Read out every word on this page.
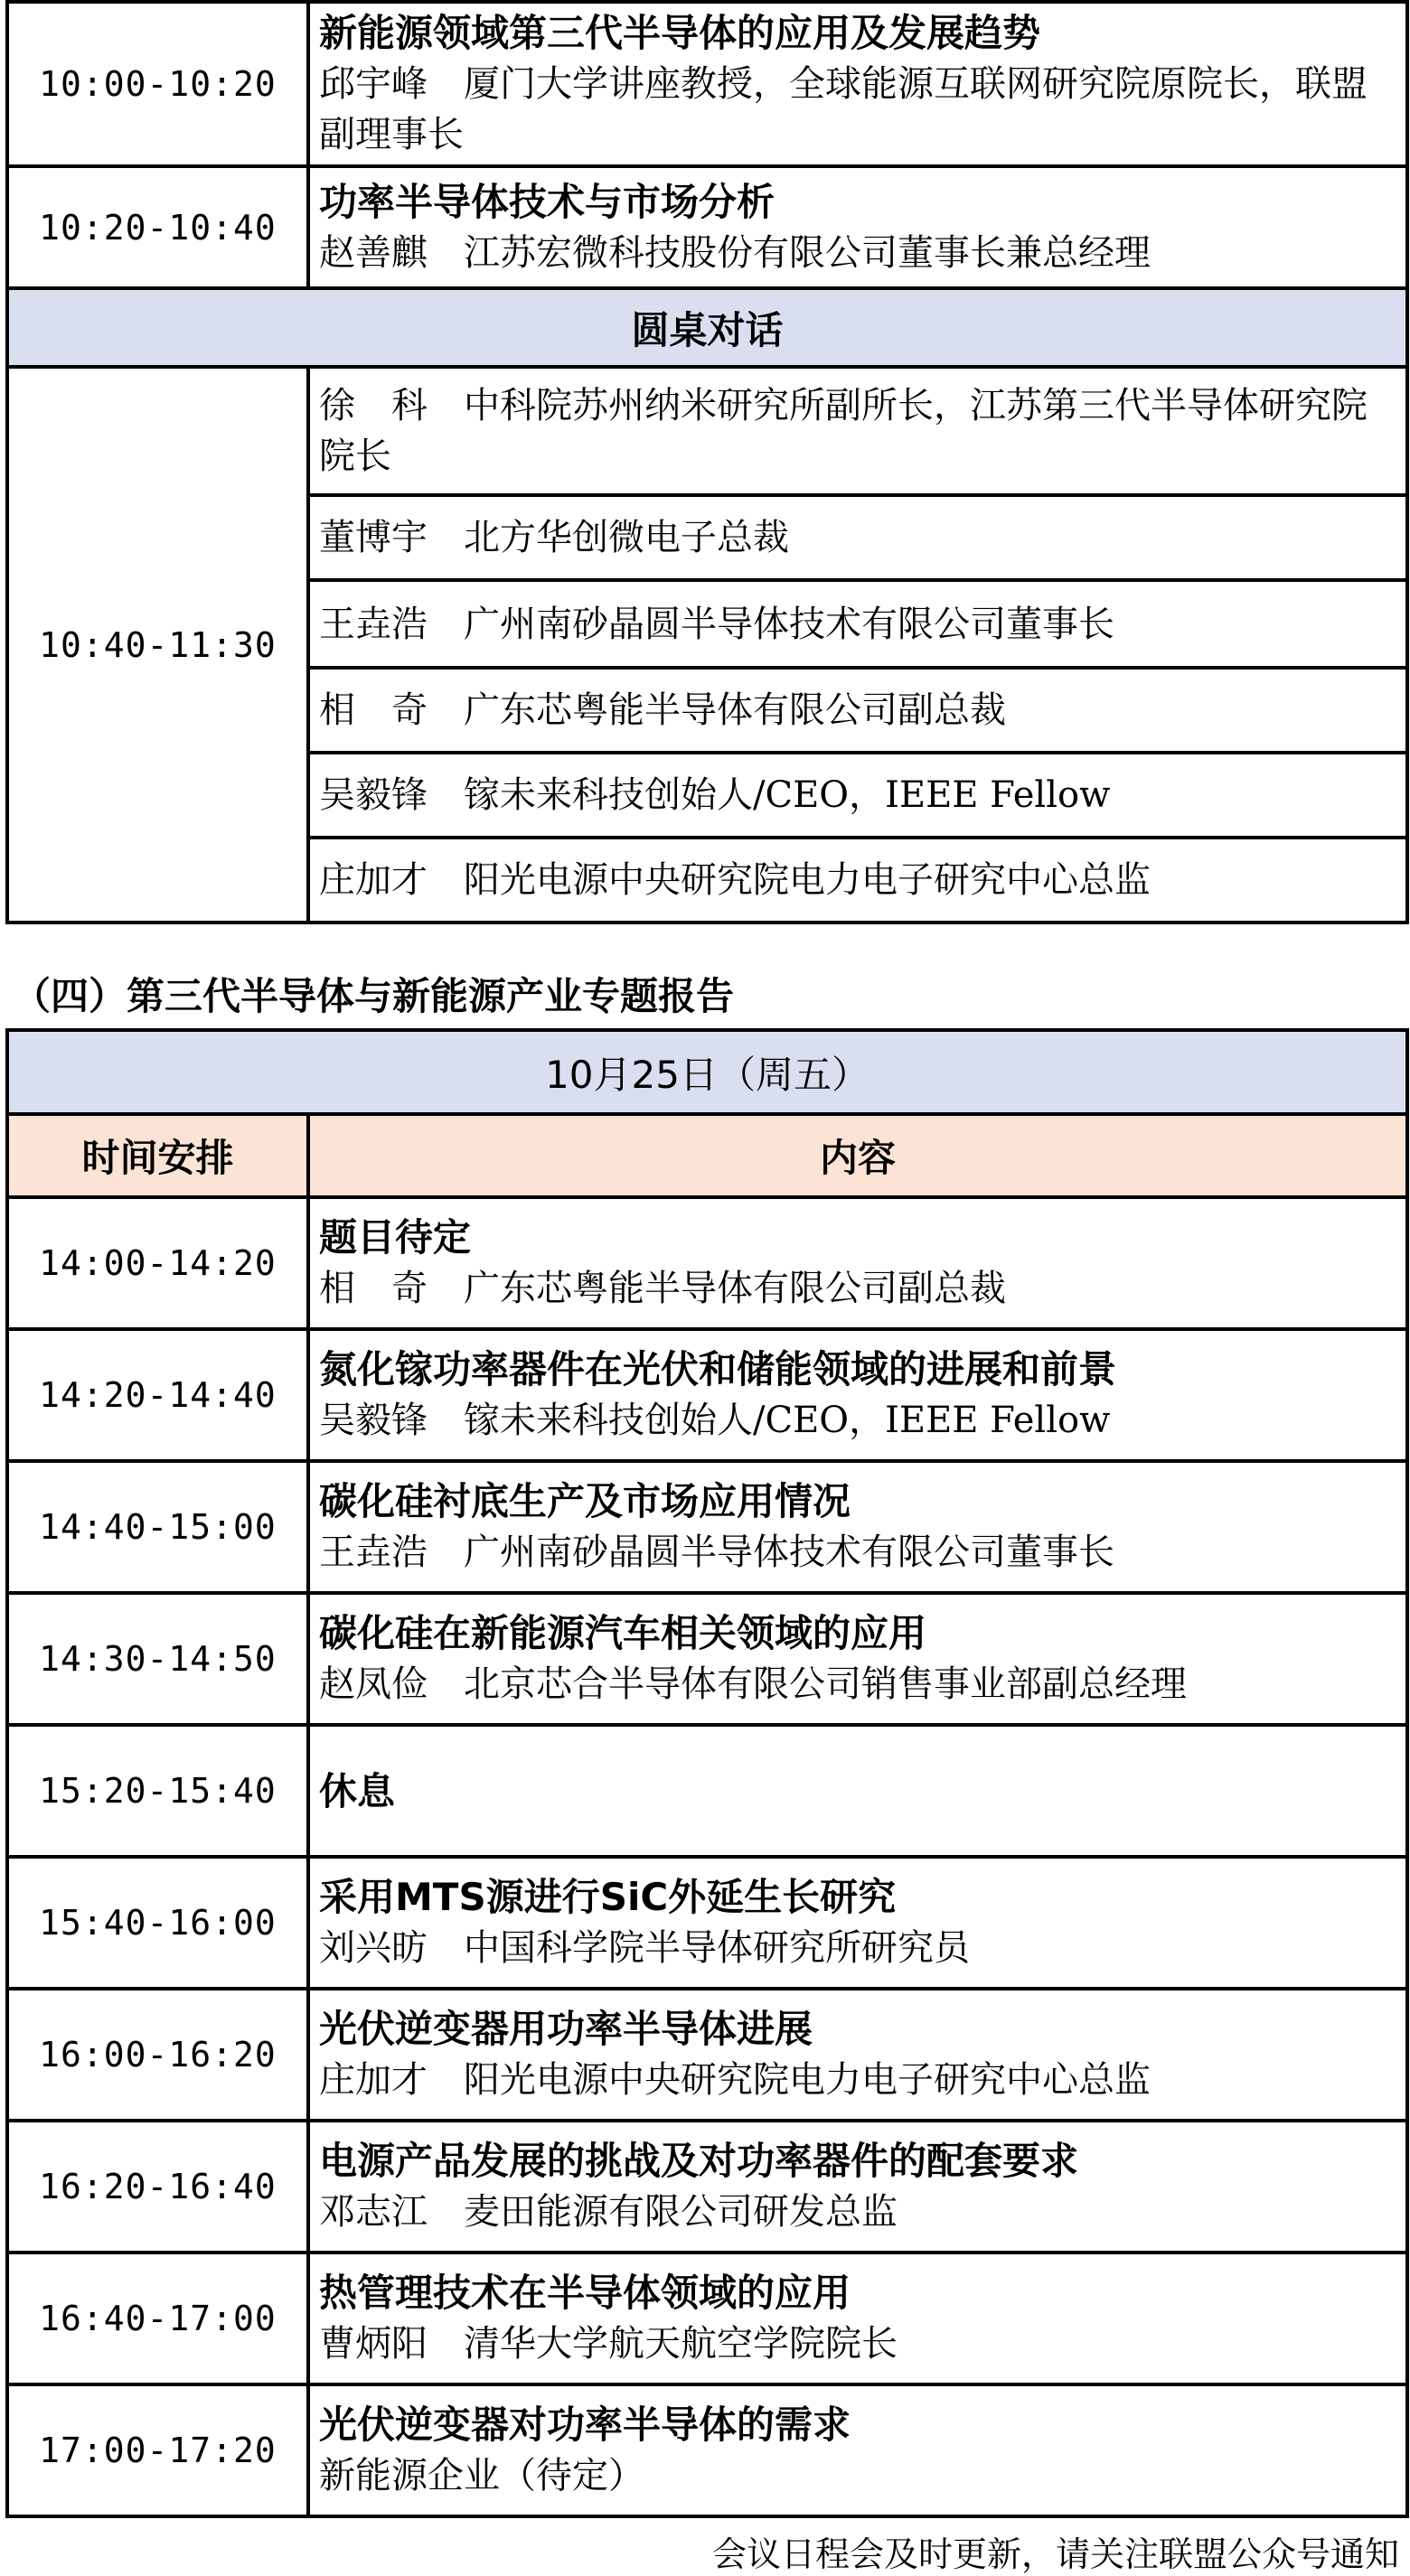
10:00-10:20	新能源领域第三代半导体的应用及发展趋势
邱宇峰　厦门大学讲座教授，全球能源互联网研究院原院长，联盟副理事长

10:20-10:40	功率半导体技术与市场分析
赵善麒　江苏宏微科技股份有限公司董事长兼总经理

圆桌对话	
10:40-11:30	徐　科　中科院苏州纳米研究所副所长，江苏第三代半导体研究院院长
	董博宇　北方华创微电子总裁
	王垚浩　广州南砂晶圆半导体技术有限公司董事长
	相　奇　广东芯粤能半导体有限公司副总裁
	吴毅锋　镓未来科技创始人/CEO，IEEE Fellow
	庄加才　阳光电源中央研究院电力电子研究中心总监
（四）第三代半导体与新能源产业专题报告
10月25日（周五）	
时间安排	内容
14:00-14:20	题目待定
相　奇　广东芯粤能半导体有限公司副总裁

14:20-14:40	氮化镓功率器件在光伏和储能领域的进展和前景
吴毅锋　镓未来科技创始人/CEO，IEEE Fellow

14:40-15:00	碳化硅衬底生产及市场应用情况
王垚浩　广州南砂晶圆半导体技术有限公司董事长

14:30-14:50	碳化硅在新能源汽车相关领域的应用
赵凤俭　北京芯合半导体有限公司销售事业部副总经理

15:20-15:40	休息

15:40-16:00	采用MTS源进行SiC外延生长研究
刘兴昉　中国科学院半导体研究所研究员

16:00-16:20	光伏逆变器用功率半导体进展
庄加才　阳光电源中央研究院电力电子研究中心总监

16:20-16:40	电源产品发展的挑战及对功率器件的配套要求
邓志江　麦田能源有限公司研发总监

16:40-17:00	热管理技术在半导体领域的应用
曹炳阳　清华大学航天航空学院院长

17:00-17:20	光伏逆变器对功率半导体的需求
新能源企业（待定）

会议日程会及时更新，请关注联盟公众号通知
